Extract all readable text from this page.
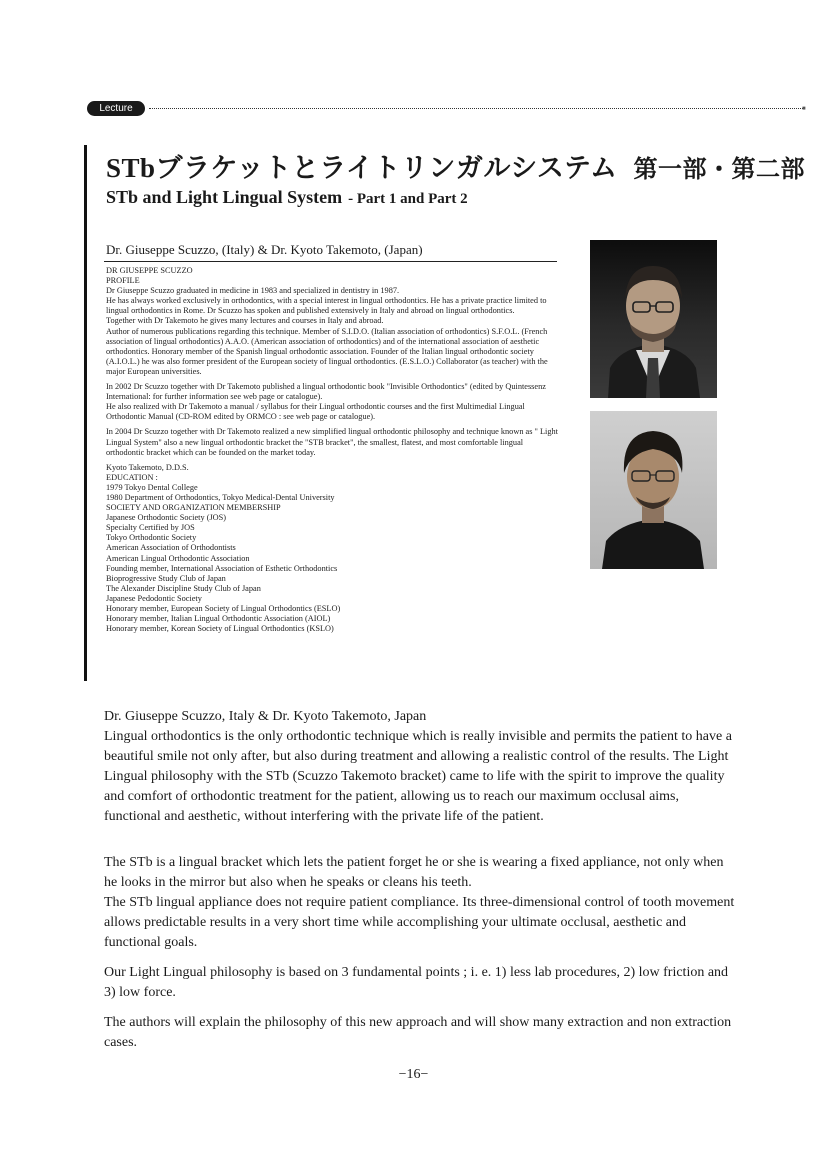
Lecture	■
STbブラケットとライトリンガルシステム 第一部・第二部
STb and Light Lingual System - Part 1 and Part 2
Dr. Giuseppe Scuzzo, (Italy) & Dr. Kyoto Takemoto, (Japan)

DR GIUSEPPE SCUZZO

PROFILE

Dr Giuseppe Scuzzo graduated in medicine in 1983 and specialized in dentistry in 1987.

He has always worked exclusively in orthodontics, with a special interest in lingual orthodontics. He has a private practice limited to lingual orthodontics in Rome. Dr Scuzzo has spoken and published extensively in Italy and abroad on lingual orthodontics.

Together with Dr Takemoto he gives many lectures and courses in Italy and abroad.

Author of numerous publications regarding this technique. Member of S.I.D.O. (Italian association of orthodontics) S.F.O.L. (French association of lingual orthodontics) A.A.O. (American association of orthodontics) and of the international association of aesthetic orthodontics. Honorary member of the Spanish lingual orthodontic association. Founder of the Italian lingual orthodontic society (A.I.O.L.) he was also former president of the European society of lingual orthodontics. (E.S.L.O.) Collaborator (as teacher) with the major European universities.

In 2002 Dr Scuzzo together with Dr Takemoto published a lingual orthodontic book "Invisible Orthodontics" (edited by Quintessenz International: for further information see web page or catalogue).

He also realized with Dr Takemoto a manual / syllabus for their Lingual orthodontic courses and the first Multimedial Lingual Orthodontic Manual (CD-ROM edited by ORMCO : see web page or catalogue).

In 2004 Dr Scuzzo together with Dr Takemoto realized a new simplified lingual orthodontic philosophy and technique known as " Light Lingual System" also a new lingual orthodontic bracket the "STB bracket", the smallest, flatest, and most comfortable lingual orthodontic bracket which can be founded on the market today.

Kyoto Takemoto, D.D.S.

EDUCATION :

1979 Tokyo Dental College

1980 Department of Orthodontics, Tokyo Medical-Dental University

SOCIETY AND ORGANIZATION MEMBERSHIP

Japanese Orthodontic Society (JOS)

Specialty Certified by JOS

Tokyo Orthodontic Society

American Association of Orthodontists

American Lingual Orthodontic Association

Founding member, International Association of Esthetic Orthodontics

Bioprogressive Study Club of Japan

The Alexander Discipline Study Club of Japan

Japanese Pedodontic Society

Honorary member, European Society of Lingual Orthodontics (ESLO)

Honorary member, Italian Lingual Orthodontic Association (AIOL)

Honorary member, Korean Society of Lingual Orthodontics (KSLO)

Dr. Giuseppe Scuzzo, Italy & Dr. Kyoto Takemoto, Japan

Lingual orthodontics is the only orthodontic technique which is really invisible and permits the patient to have a beautiful smile not only after, but also during treatment and allowing a realistic control of the results. The Light Lingual philosophy with the STb (Scuzzo Takemoto bracket) came to life with the spirit to improve the quality and comfort of orthodontic treatment for the patient, allowing us to reach our maximum occlusal aims, functional and aesthetic, without interfering with the private life of the patient.

The STb is a lingual bracket which lets the patient forget he or she is wearing a fixed appliance, not only when he looks in the mirror but also when he speaks or cleans his teeth.

The STb lingual appliance does not require patient compliance. Its three-dimensional control of tooth movement allows predictable results in a very short time while accomplishing your ultimate occlusal, aesthetic and functional goals.

Our Light Lingual philosophy is based on 3 fundamental points ; i. e. 1) less lab procedures, 2) low friction and 3) low force.

The authors will explain the philosophy of this new approach and will show many extraction and non extraction cases.

−16−
